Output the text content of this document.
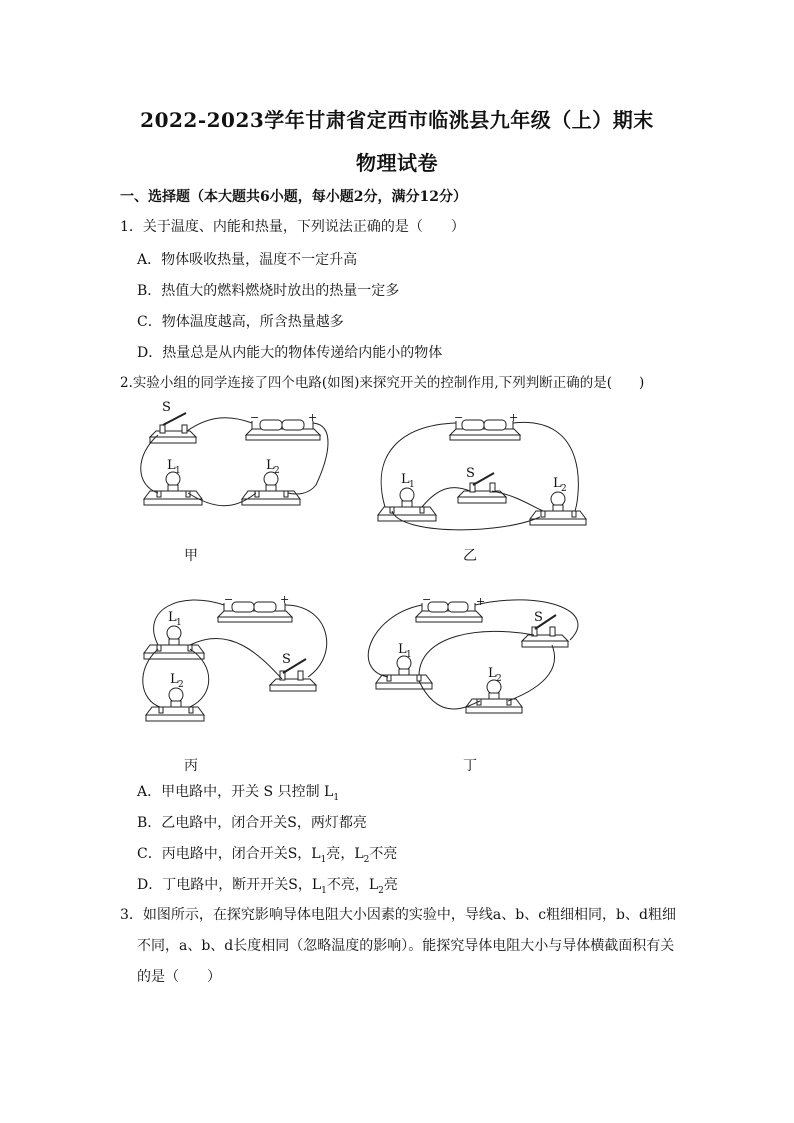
2022-2023学年甘肃省定西市临洮县九年级（上）期末
物理试卷
一、选择题（本大题共6小题，每小题2分，满分12分）
1．关于温度、内能和热量，下列说法正确的是（　　）
A．物体吸收热量，温度不一定升高
B．热值大的燃料燃烧时放出的热量一定多
C．物体温度越高，所含热量越多
D．热量总是从内能大的物体传递给内能小的物体
2.实验小组的同学连接了四个电路(如图)来探究开关的控制作用,下列判断正确的是(　　)
S
−	+
L 1	L 2
−	+
S
L 1	L 2
−	+
L 1
L 2
S
−	+
S
L 1
L 2
甲	乙
丙	丁
A．甲电路中，开关 S 只控制 $L_1$
B．乙电路中，闭合开关S，两灯都亮
C．丙电路中，闭合开关S，$L_1$亮，$L_2$不亮
D．丁电路中，断开开关S，$L_1$不亮，$L_2$亮
3．如图所示，在探究影响导体电阻大小因素的实验中，导线a、b、c粗细相同，b、d粗细
不同，a、b、d长度相同（忽略温度的影响）。能探究导体电阻大小与导体横截面积有关
的是（　　）
